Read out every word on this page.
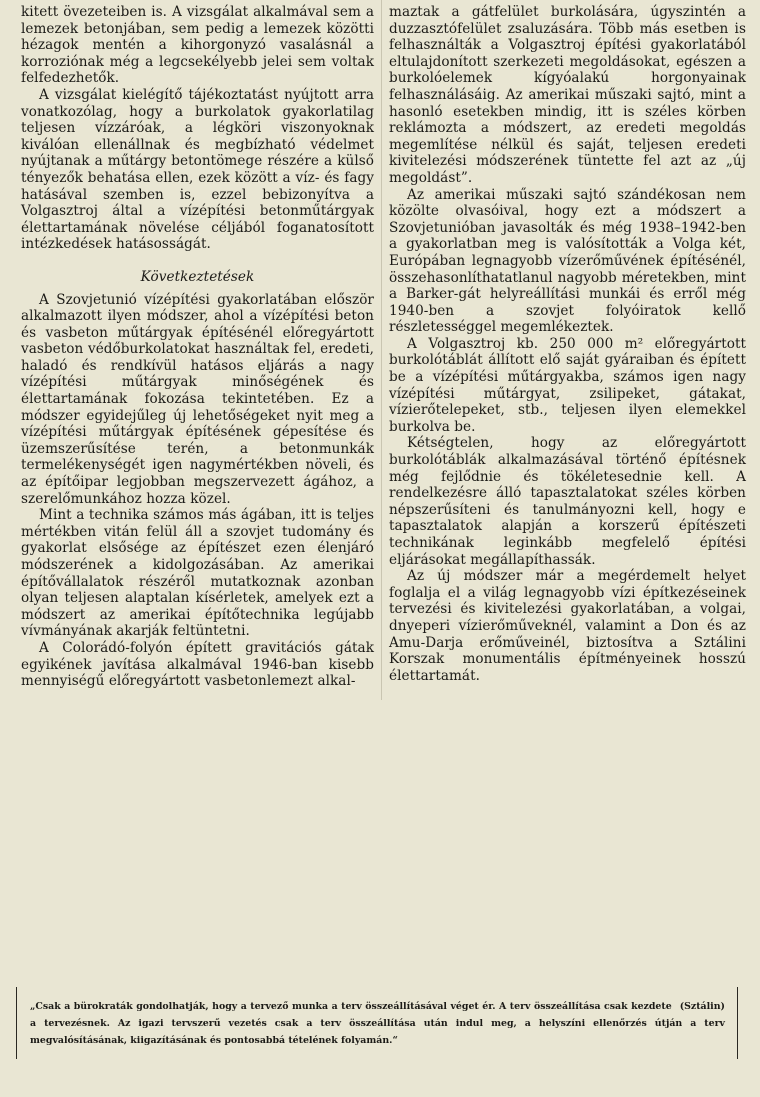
kitett övezeteiben is. A vizsgálat alkalmával sem a lemezek betonjában, sem pedig a lemezek közötti hézagok mentén a kihorgonyzó vasalásnál a korroziónak még a legcsekélyebb jelei sem voltak felfedezhetők.

A vizsgálat kielégítő tájékoztatást nyújtott arra vonatkozólag, hogy a burkolatok gyakorlatilag teljesen vízzáróak, a légköri viszonyoknak kiválóan ellenállnak és megbízható védelmet nyújtanak a műtárgy betontömege részére a külső tényezők behatása ellen, ezek között a víz- és fagy hatásával szemben is, ezzel bebizonyítva a Volgasztroj által a vízépítési betonműtárgyak élettartamának növelése céljából foganatosított intézkedések hatásosságát.

Következtetések

A Szovjetunió vízépítési gyakorlatában először alkalmazott ilyen módszer, ahol a vízépítési beton és vasbeton műtárgyak építésénél előregyártott vasbeton védőburkolatokat használtak fel, eredeti, haladó és rendkívül hatásos eljárás a nagy vízépítési műtárgyak minőségének és élettartamának fokozása tekintetében. Ez a módszer egyidejűleg új lehetőségeket nyit meg a vízépítési műtárgyak építésének gépesítése és üzemszerűsítése terén, a betonmunkák termelékenységét igen nagymértékben növeli, és az építőipar legjobban megszervezett ágához, a szerelőmunkához hozza közel.

Mint a technika számos más ágában, itt is teljes mértékben vitán felül áll a szovjet tudomány és gyakorlat elsősége az építészet ezen élenjáró módszerének a kidolgozásában. Az amerikai építővállalatok részéről mutatkoznak azonban olyan teljesen alaptalan kísérletek, amelyek ezt a módszert az amerikai építőtechnika legújabb vívmányának akarják feltüntetni.

A Colorádó-folyón épített gravitációs gátak egyikének javítása alkalmával 1946-ban kisebb mennyiségű előregyártott vasbetonlemezt alkal-

maztak a gátfelület burkolására, úgyszintén a duzzasztófelület zsaluzására. Több más esetben is felhasználták a Volgasztroj építési gyakorlatából eltulajdonított szerkezeti megoldásokat, egészen a burkolóelemek kígyóalakú horgonyainak felhasználásáig. Az amerikai műszaki sajtó, mint a hasonló esetekben mindig, itt is széles körben reklámozta a módszert, az eredeti megoldás megemlítése nélkül és saját, teljesen eredeti kivitelezési módszerének tüntette fel azt az „új megoldást”.

Az amerikai műszaki sajtó szándékosan nem közölte olvasóival, hogy ezt a módszert a Szovjetunióban javasolták és még 1938–1942-ben a gyakorlatban meg is valósították a Volga két, Európában legnagyobb vízerőművének építésénél, összehasonlíthatatlanul nagyobb méretekben, mint a Barker-gát helyreállítási munkái és erről még 1940-ben a szovjet folyóiratok kellő részletességgel megemlékeztek.

A Volgasztroj kb. 250 000 m² előregyártott burkolótáblát állított elő saját gyáraiban és épített be a vízépítési műtárgyakba, számos igen nagy vízépítési műtárgyat, zsilipeket, gátakat, vízierőtelepeket, stb., teljesen ilyen elemekkel burkolva be.

Kétségtelen, hogy az előregyártott burkolótáblák alkalmazásával történő építésnek még fejlődnie és tökéletesednie kell. A rendelkezésre álló tapasztalatokat széles körben népszerűsíteni és tanulmányozni kell, hogy e tapasztalatok alapján a korszerű építészeti technikának leginkább megfelelő építési eljárásokat megállapíthassák.

Az új módszer már a megérdemelt helyet foglalja el a világ legnagyobb vízi építkezéseinek tervezési és kivitelezési gyakorlatában, a volgai, dnyeperi vízierőműveknél, valamint a Don és az Amu-Darja erőműveinél, biztosítva a Sztálini Korszak monumentális építményeinek hosszú élettartamát.

(Sztálin)
„Csak a bürokraták gondolhatják, hogy a tervező munka a terv összeállításával véget ér. A terv összeállítása csak kezdete a tervezésnek. Az igazi tervszerű vezetés csak a terv összeállítása után indul meg, a helyszíni ellenőrzés útján a terv megvalósításának, kiigazításának és pontosabbá tételének folyamán.“
